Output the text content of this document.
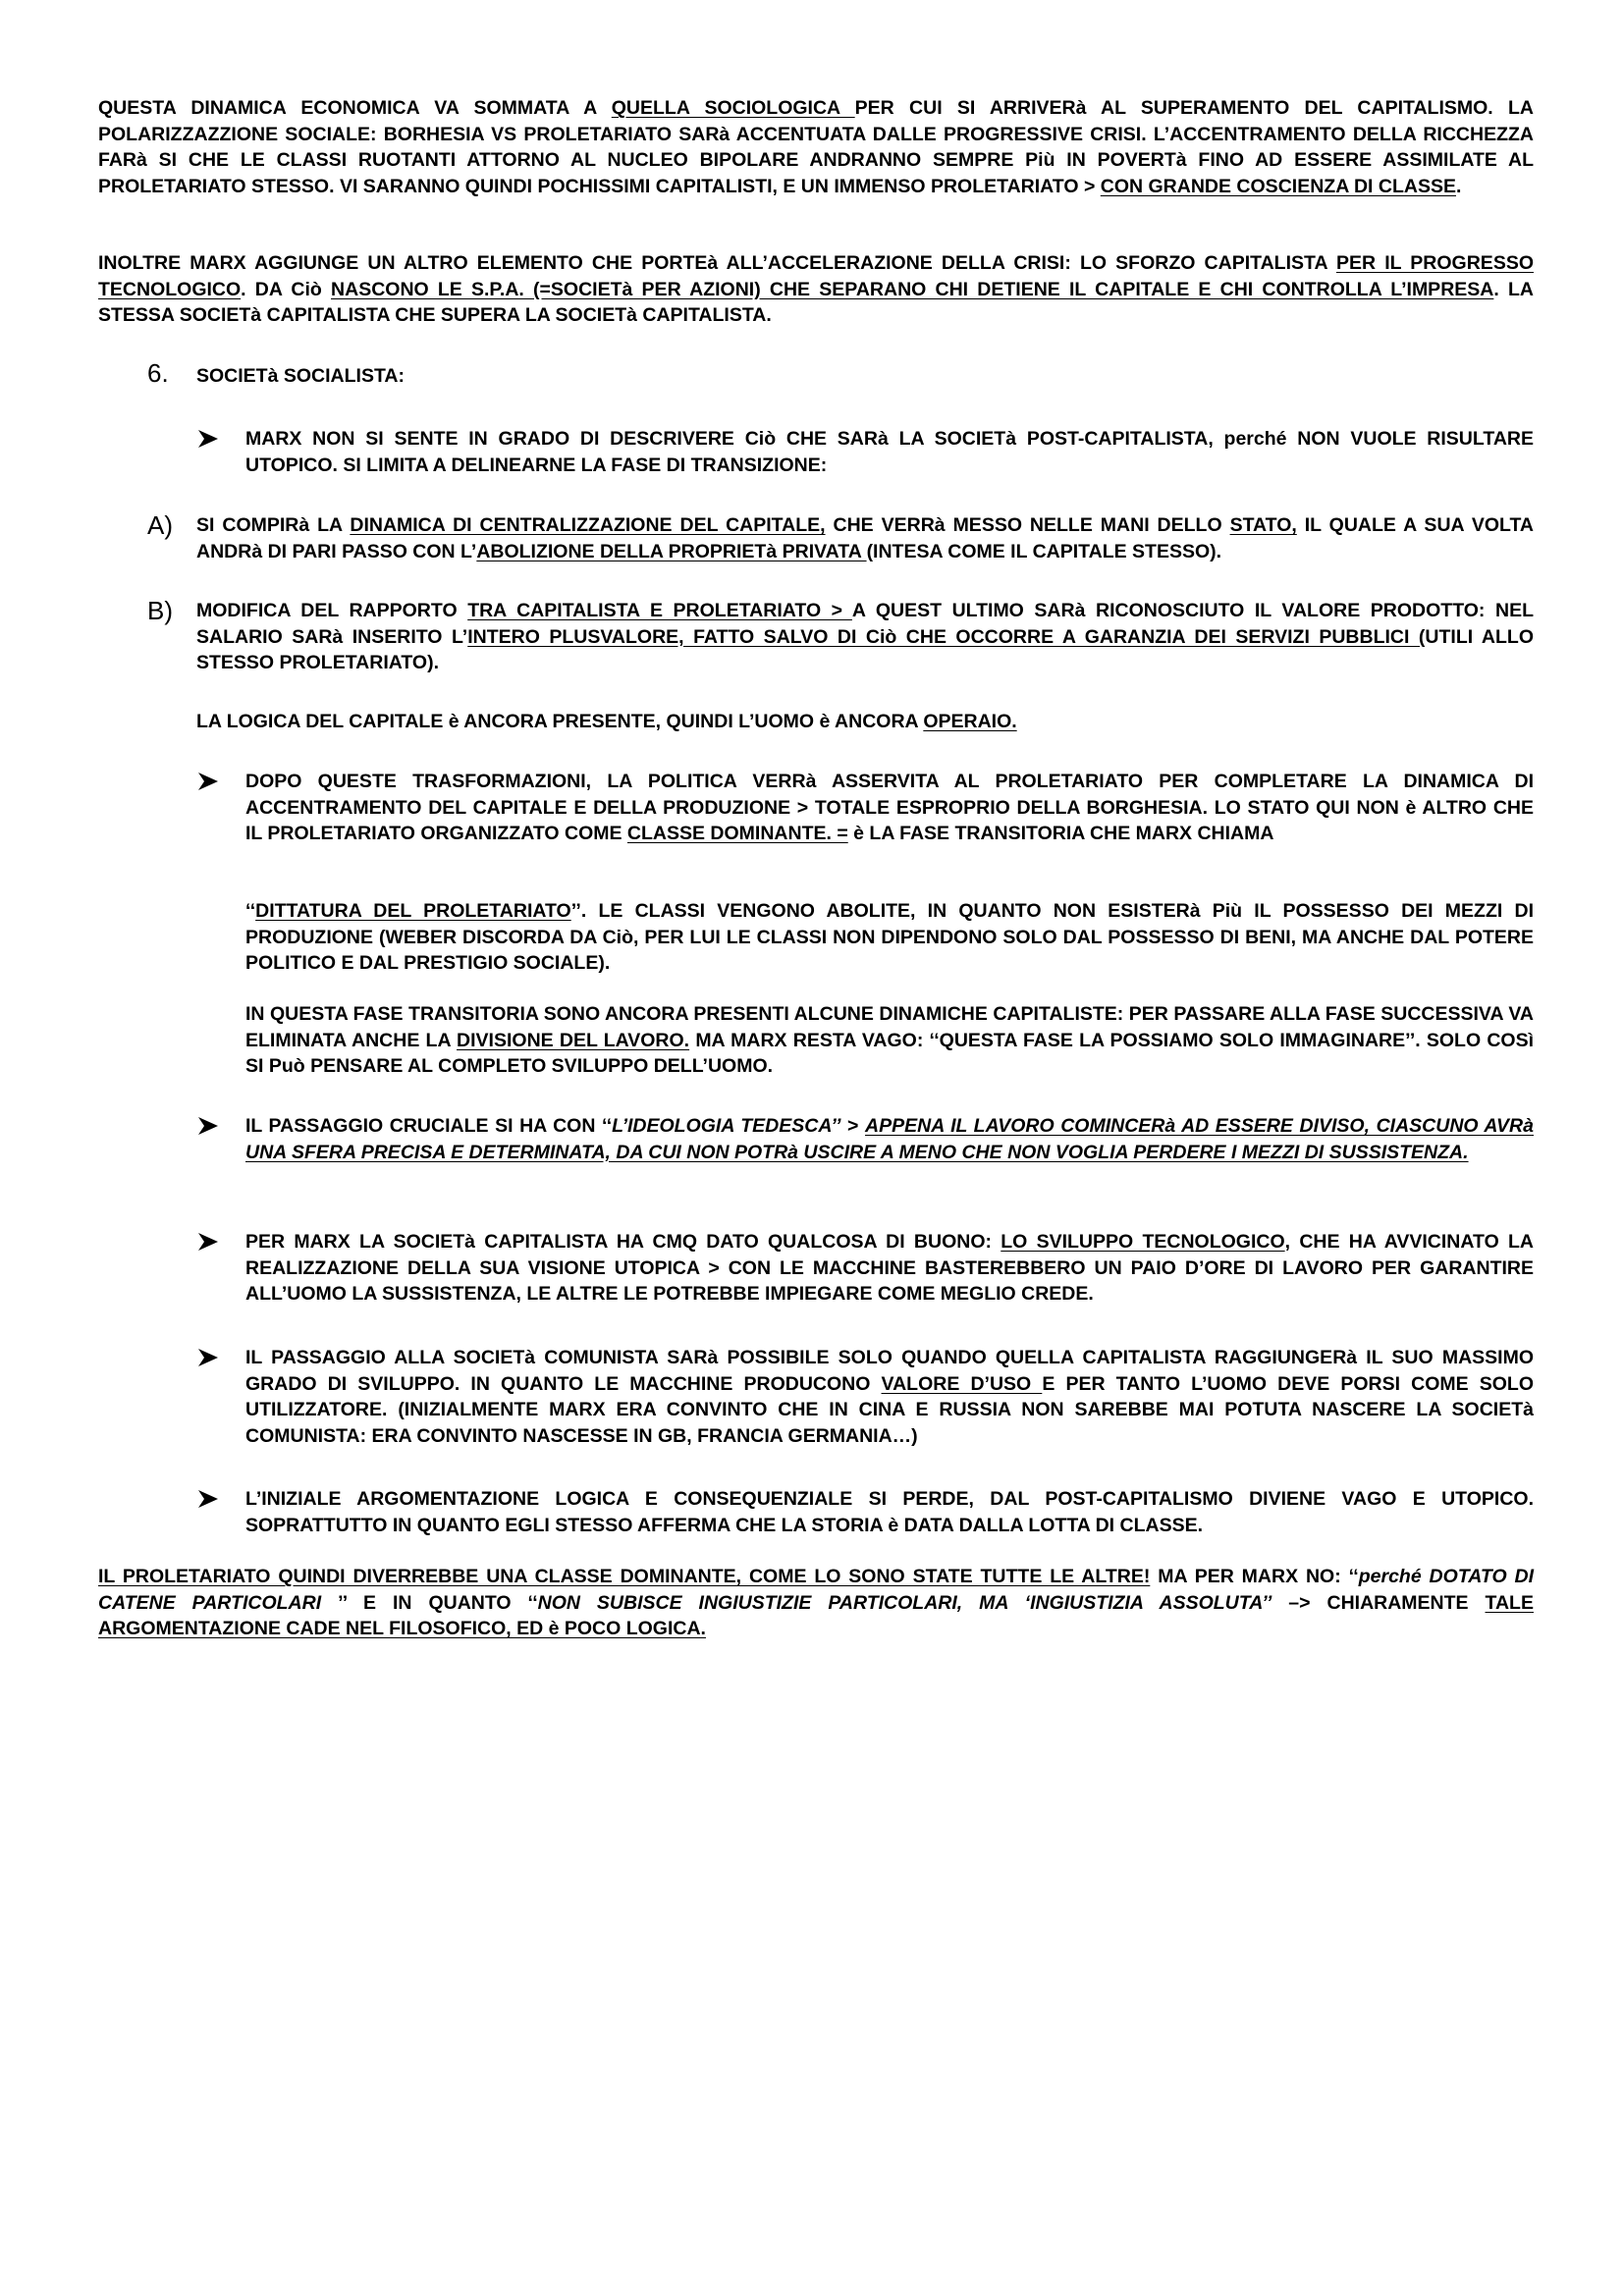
QUESTA DINAMICA ECONOMICA VA SOMMATA A QUELLA SOCIOLOGICA PER CUI SI ARRIVERà AL SUPERAMENTO DEL CAPITALISMO. LA POLARIZZAZZIONE SOCIALE: BORHESIA VS PROLETARIATO SARà ACCENTUATA DALLE PROGRESSIVE CRISI. L’ACCENTRAMENTO DELLA RICCHEZZA FARà SI CHE LE CLASSI RUOTANTI ATTORNO AL NUCLEO BIPOLARE ANDRANNO SEMPRE Più IN POVERTà FINO AD ESSERE ASSIMILATE AL PROLETARIATO STESSO. VI SARANNO QUINDI POCHISSIMI CAPITALISTI, E UN IMMENSO PROLETARIATO > CON GRANDE COSCIENZA DI CLASSE.

INOLTRE MARX AGGIUNGE UN ALTRO ELEMENTO CHE PORTEà ALL’ACCELERAZIONE DELLA CRISI: LO SFORZO CAPITALISTA PER IL PROGRESSO TECNOLOGICO. DA Ciò NASCONO LE S.P.A. (=SOCIETà PER AZIONI) CHE SEPARANO CHI DETIENE IL CAPITALE E CHI CONTROLLA L’IMPRESA. LA STESSA SOCIETà CAPITALISTA CHE SUPERA LA SOCIETà CAPITALISTA.

6. SOCIETà SOCIALISTA:

MARX NON SI SENTE IN GRADO DI DESCRIVERE Ciò CHE SARà LA SOCIETà POST-CAPITALISTA, perché NON VUOLE RISULTARE UTOPICO. SI LIMITA A DELINEARNE LA FASE DI TRANSIZIONE:

A) SI COMPIRà LA DINAMICA DI CENTRALIZZAZIONE DEL CAPITALE, CHE VERRà MESSO NELLE MANI DELLO STATO, IL QUALE A SUA VOLTA ANDRà DI PARI PASSO CON L’ABOLIZIONE DELLA PROPRIETà PRIVATA (INTESA COME IL CAPITALE STESSO).

B) MODIFICA DEL RAPPORTO TRA CAPITALISTA E PROLETARIATO > A QUEST ULTIMO SARà RICONOSCIUTO IL VALORE PRODOTTO: NEL SALARIO SARà INSERITO L’INTERO PLUSVALORE, FATTO SALVO DI Ciò CHE OCCORRE A GARANZIA DEI SERVIZI PUBBLICI (UTILI ALLO STESSO PROLETARIATO).

LA LOGICA DEL CAPITALE è ANCORA PRESENTE, QUINDI L’UOMO è ANCORA OPERAIO.

DOPO QUESTE TRASFORMAZIONI, LA POLITICA VERRà ASSERVITA AL PROLETARIATO PER COMPLETARE LA DINAMICA DI ACCENTRAMENTO DEL CAPITALE E DELLA PRODUZIONE > TOTALE ESPROPRIO DELLA BORGHESIA. LO STATO QUI NON è ALTRO CHE IL PROLETARIATO ORGANIZZATO COME CLASSE DOMINANTE. = è LA FASE TRANSITORIA CHE MARX CHIAMA

‘‘DITTATURA DEL PROLETARIATO’’. LE CLASSI VENGONO ABOLITE, IN QUANTO NON ESISTERà Più IL POSSESSO DEI MEZZI DI PRODUZIONE (WEBER DISCORDA DA Ciò, PER LUI LE CLASSI NON DIPENDONO SOLO DAL POSSESSO DI BENI, MA ANCHE DAL POTERE POLITICO E DAL PRESTIGIO SOCIALE).

IN QUESTA FASE TRANSITORIA SONO ANCORA PRESENTI ALCUNE DINAMICHE CAPITALISTE: PER PASSARE ALLA FASE SUCCESSIVA VA ELIMINATA ANCHE LA DIVISIONE DEL LAVORO. MA MARX RESTA VAGO: ‘‘QUESTA FASE LA POSSIAMO SOLO IMMAGINARE’’. SOLO COSì SI Può PENSARE AL COMPLETO SVILUPPO DELL’UOMO.

IL PASSAGGIO CRUCIALE SI HA CON ‘‘L’IDEOLOGIA TEDESCA’’ > APPENA IL LAVORO COMINCERà AD ESSERE DIVISO, CIASCUNO AVRà UNA SFERA PRECISA E DETERMINATA, DA CUI NON POTRà USCIRE A MENO CHE NON VOGLIA PERDERE I MEZZI DI SUSSISTENZA.

PER MARX LA SOCIETà CAPITALISTA HA CMQ DATO QUALCOSA DI BUONO: LO SVILUPPO TECNOLOGICO, CHE HA AVVICINATO LA REALIZZAZIONE DELLA SUA VISIONE UTOPICA > CON LE MACCHINE BASTEREBBERO UN PAIO D’ORE DI LAVORO PER GARANTIRE ALL’UOMO LA SUSSISTENZA, LE ALTRE LE POTREBBE IMPIEGARE COME MEGLIO CREDE.

IL PASSAGGIO ALLA SOCIETà COMUNISTA SARà POSSIBILE SOLO QUANDO QUELLA CAPITALISTA RAGGIUNGERà IL SUO MASSIMO GRADO DI SVILUPPO. IN QUANTO LE MACCHINE PRODUCONO VALORE D’USO E PER TANTO L’UOMO DEVE PORSI COME SOLO UTILIZZATORE. (INIZIALMENTE MARX ERA CONVINTO CHE IN CINA E RUSSIA NON SAREBBE MAI POTUTA NASCERE LA SOCIETà COMUNISTA: ERA CONVINTO NASCESSE IN GB, FRANCIA GERMANIA…)

L’INIZIALE ARGOMENTAZIONE LOGICA E CONSEQUENZIALE SI PERDE, DAL POST-CAPITALISMO DIVIENE VAGO E UTOPICO. SOPRATTUTTO IN QUANTO EGLI STESSO AFFERMA CHE LA STORIA è DATA DALLA LOTTA DI CLASSE.

IL PROLETARIATO QUINDI DIVERREBBE UNA CLASSE DOMINANTE, COME LO SONO STATE TUTTE LE ALTRE! MA PER MARX NO: ‘‘perché DOTATO DI CATENE PARTICOLARI ’’ E IN QUANTO ‘‘NON SUBISCE INGIUSTIZIE PARTICOLARI, MA ‘INGIUSTIZIA ASSOLUTA’’ –> CHIARAMENTE TALE ARGOMENTAZIONE CADE NEL FILOSOFICO, ED è POCO LOGICA.
